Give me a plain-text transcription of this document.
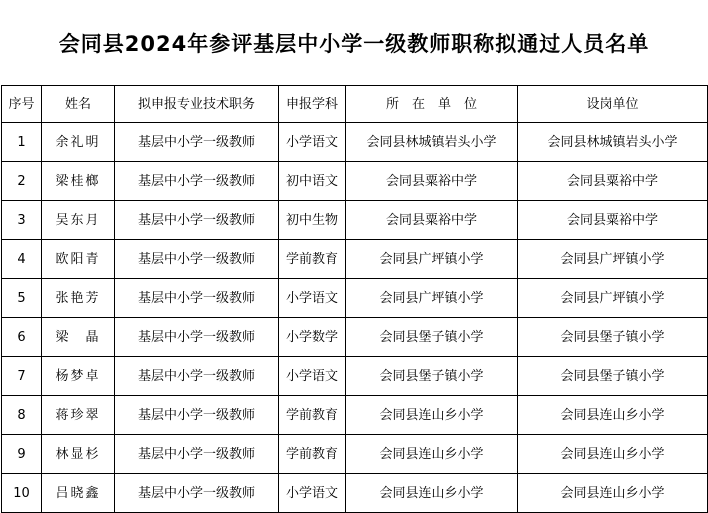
会同县2024年参评基层中小学一级教师职称拟通过人员名单
序号	姓名	拟申报专业技术职务	申报学科	所　在　单　位	设岗单位
1	余礼明	基层中小学一级教师	小学语文	会同县林城镇岩头小学	会同县林城镇岩头小学
2	梁桂榔	基层中小学一级教师	初中语文	会同县粟裕中学	会同县粟裕中学
3	吴东月	基层中小学一级教师	初中生物	会同县粟裕中学	会同县粟裕中学
4	欧阳青	基层中小学一级教师	学前教育	会同县广坪镇小学	会同县广坪镇小学
5	张艳芳	基层中小学一级教师	小学语文	会同县广坪镇小学	会同县广坪镇小学
6	梁　晶	基层中小学一级教师	小学数学	会同县堡子镇小学	会同县堡子镇小学
7	杨梦卓	基层中小学一级教师	小学语文	会同县堡子镇小学	会同县堡子镇小学
8	蒋珍翠	基层中小学一级教师	学前教育	会同县连山乡小学	会同县连山乡小学
9	林显杉	基层中小学一级教师	学前教育	会同县连山乡小学	会同县连山乡小学
10	吕晓鑫	基层中小学一级教师	小学语文	会同县连山乡小学	会同县连山乡小学
